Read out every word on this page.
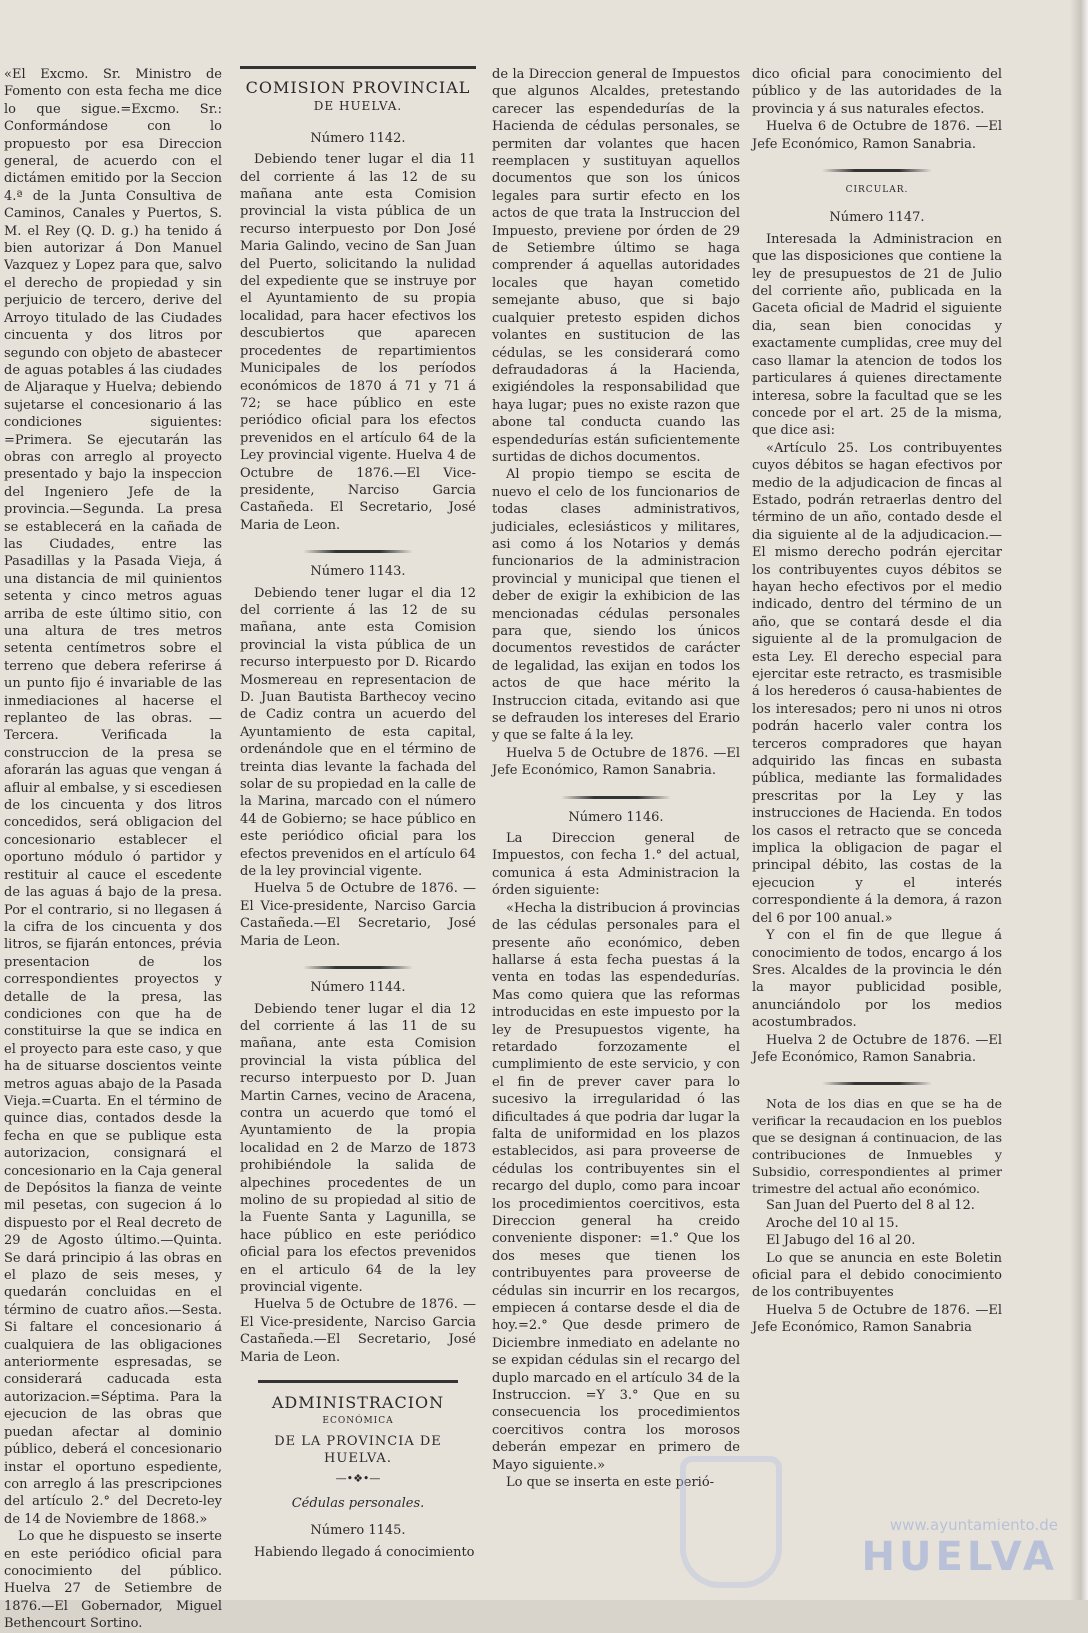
«El Excmo. Sr. Ministro de Fomento con esta fecha me dice lo que sigue.=Excmo. Sr.: Conformándose con lo propuesto por esa Direccion general, de acuerdo con el dictámen emitido por la Seccion 4.ª de la Junta Consultiva de Caminos, Canales y Puertos, S. M. el Rey (Q. D. g.) ha tenido á bien autorizar á Don Manuel Vazquez y Lopez para que, salvo el derecho de propiedad y sin perjuicio de tercero, derive del Arroyo titulado de las Ciudades cincuenta y dos litros por segundo con objeto de abastecer de aguas potables á las ciudades de Aljaraque y Huelva; debiendo sujetarse el concesionario á las condiciones siguientes: =Primera. Se ejecutarán las obras con arreglo al proyecto presentado y bajo la inspeccion del Ingeniero Jefe de la provincia.—Segunda. La presa se establecerá en la cañada de las Ciudades, entre las Pasadillas y la Pasada Vieja, á una distancia de mil quinientos setenta y cinco metros aguas arriba de este último sitio, con una altura de tres metros setenta centímetros sobre el terreno que debera referirse á un punto fijo é invariable de las inmediaciones al hacerse el replanteo de las obras. — Tercera. Verificada la construccion de la presa se aforarán las aguas que vengan á afluir al embalse, y si escediesen de los cincuenta y dos litros concedidos, será obligacion del concesionario establecer el oportuno módulo ó partidor y restituir al cauce el escedente de las aguas á bajo de la presa. Por el contrario, si no llegasen á la cifra de los cincuenta y dos litros, se fijarán entonces, prévia presentacion de los correspondientes proyectos y detalle de la presa, las condiciones con que ha de constituirse la que se indica en el proyecto para este caso, y que ha de situarse doscientos veinte metros aguas abajo de la Pasada Vieja.=Cuarta. En el término de quince dias, contados desde la fecha en que se publique esta autorizacion, consignará el concesionario en la Caja general de Depósitos la fianza de veinte mil pesetas, con sugecion á lo dispuesto por el Real decreto de 29 de Agosto último.—Quinta. Se dará principio á las obras en el plazo de seis meses, y quedarán concluidas en el término de cuatro años.—Sesta. Si faltare el concesionario á cualquiera de las obligaciones anteriormente espresadas, se considerará caducada esta autorizacion.=Séptima. Para la ejecucion de las obras que puedan afectar al dominio público, deberá el concesionario instar el oportuno espediente, con arreglo á las prescripciones del artículo 2.° del Decreto-ley de 14 de Noviembre de 1868.»

Lo que he dispuesto se inserte en este periódico oficial para conocimiento del público. Huelva 27 de Setiembre de 1876.—El Gobernador, Miguel Bethencourt Sortino.

COMISION PROVINCIAL
DE HUELVA.
Número 1142.

Debiendo tener lugar el dia 11 del corriente á las 12 de su mañana ante esta Comision provincial la vista pública de un recurso interpuesto por Don José Maria Galindo, vecino de San Juan del Puerto, solicitando la nulidad del expediente que se instruye por el Ayuntamiento de su propia localidad, para hacer efectivos los descubiertos que aparecen procedentes de repartimientos Municipales de los períodos económicos de 1870 á 71 y 71 á 72; se hace público en este periódico oficial para los efectos prevenidos en el artículo 64 de la Ley provincial vigente. Huelva 4 de Octubre de 1876.—El Vice-presidente, Narciso Garcia Castañeda. El Secretario, José Maria de Leon.

Número 1143.

Debiendo tener lugar el dia 12 del corriente á las 12 de su mañana, ante esta Comision provincial la vista pública de un recurso interpuesto por D. Ricardo Mosmereau en representacion de D. Juan Bautista Barthecoy vecino de Cadiz contra un acuerdo del Ayuntamiento de esta capital, ordenándole que en el término de treinta dias levante la fachada del solar de su propiedad en la calle de la Marina, marcado con el número 44 de Gobierno; se hace público en este periódico oficial para los efectos prevenidos en el artículo 64 de la ley provincial vigente.

Huelva 5 de Octubre de 1876. —El Vice-presidente, Narciso Garcia Castañeda.—El Secretario, José Maria de Leon.

Número 1144.

Debiendo tener lugar el dia 12 del corriente á las 11 de su mañana, ante esta Comision provincial la vista pública del recurso interpuesto por D. Juan Martin Carnes, vecino de Aracena, contra un acuerdo que tomó el Ayuntamiento de la propia localidad en 2 de Marzo de 1873 prohibiéndole la salida de alpechines procedentes de un molino de su propiedad al sitio de la Fuente Santa y Lagunilla, se hace público en este periódico oficial para los efectos prevenidos en el articulo 64 de la ley provincial vigente.

Huelva 5 de Octubre de 1876. —El Vice-presidente, Narciso Garcia Castañeda.—El Secretario, José Maria de Leon.

ADMINISTRACION
ECONÓMICA
DE LA PROVINCIA DE HUELVA.
—•❖•—
Cédulas personales.
Número 1145.

Habiendo llegado á conocimiento

de la Direccion general de Impuestos que algunos Alcaldes, pretestando carecer las espendedurías de la Hacienda de cédulas personales, se permiten dar volantes que hacen reemplacen y sustituyan aquellos documentos que son los únicos legales para surtir efecto en los actos de que trata la Instruccion del Impuesto, previene por órden de 29 de Setiembre último se haga comprender á aquellas autoridades locales que hayan cometido semejante abuso, que si bajo cualquier pretesto espiden dichos volantes en sustitucion de las cédulas, se les considerará como defraudadoras á la Hacienda, exigiéndoles la responsabilidad que haya lugar; pues no existe razon que abone tal conducta cuando las espendedurías están suficientemente surtidas de dichos documentos.

Al propio tiempo se escita de nuevo el celo de los funcionarios de todas clases administrativos, judiciales, eclesiásticos y militares, asi como á los Notarios y demás funcionarios de la administracion provincial y municipal que tienen el deber de exigir la exhibicion de las mencionadas cédulas personales para que, siendo los únicos documentos revestidos de carácter de legalidad, las exijan en todos los actos de que hace mérito la Instruccion citada, evitando asi que se defrauden los intereses del Erario y que se falte á la ley.

Huelva 5 de Octubre de 1876. —El Jefe Económico, Ramon Sanabria.

Número 1146.

La Direccion general de Impuestos, con fecha 1.° del actual, comunica á esta Administracion la órden siguiente:

«Hecha la distribucion á provincias de las cédulas personales para el presente año económico, deben hallarse á esta fecha puestas á la venta en todas las espendedurías. Mas como quiera que las reformas introducidas en este impuesto por la ley de Presupuestos vigente, ha retardado forzozamente el cumplimiento de este servicio, y con el fin de prever caver para lo sucesivo la irregularidad ó las dificultades á que podria dar lugar la falta de uniformidad en los plazos establecidos, asi para proveerse de cédulas los contribuyentes sin el recargo del duplo, como para incoar los procedimientos coercitivos, esta Direccion general ha creido conveniente disponer: =1.° Que los dos meses que tienen los contribuyentes para proveerse de cédulas sin incurrir en los recargos, empiecen á contarse desde el dia de hoy.=2.° Que desde primero de Diciembre inmediato en adelante no se expidan cédulas sin el recargo del duplo marcado en el artículo 34 de la Instruccion. =Y 3.° Que en su consecuencia los procedimientos coercitivos contra los morosos deberán empezar en primero de Mayo siguiente.»

Lo que se inserta en este perió-

dico oficial para conocimiento del público y de las autoridades de la provincia y á sus naturales efectos.

Huelva 6 de Octubre de 1876. —El Jefe Económico, Ramon Sanabria.

CIRCULAR.
Número 1147.

Interesada la Administracion en que las disposiciones que contiene la ley de presupuestos de 21 de Julio del corriente año, publicada en la Gaceta oficial de Madrid el siguiente dia, sean bien conocidas y exactamente cumplidas, cree muy del caso llamar la atencion de todos los particulares á quienes directamente interesa, sobre la facultad que se les concede por el art. 25 de la misma, que dice asi:

«Artículo 25. Los contribuyentes cuyos débitos se hagan efectivos por medio de la adjudicacion de fincas al Estado, podrán retraerlas dentro del término de un año, contado desde el dia siguiente al de la adjudicacion.—El mismo derecho podrán ejercitar los contribuyentes cuyos débitos se hayan hecho efectivos por el medio indicado, dentro del término de un año, que se contará desde el dia siguiente al de la promulgacion de esta Ley. El derecho especial para ejercitar este retracto, es trasmisible á los herederos ó causa-habientes de los interesados; pero ni unos ni otros podrán hacerlo valer contra los terceros compradores que hayan adquirido las fincas en subasta pública, mediante las formalidades prescritas por la Ley y las instrucciones de Hacienda. En todos los casos el retracto que se conceda implica la obligacion de pagar el principal débito, las costas de la ejecucion y el interés correspondiente á la demora, á razon del 6 por 100 anual.»

Y con el fin de que llegue á conocimiento de todos, encargo á los Sres. Alcaldes de la provincia le dén la mayor publicidad posible, anunciándolo por los medios acostumbrados.

Huelva 2 de Octubre de 1876. —El Jefe Económico, Ramon Sanabria.

Nota de los dias en que se ha de verificar la recaudacion en los pueblos que se designan á continuacion, de las contribuciones de Inmuebles y Subsidio, correspondientes al primer trimestre del actual año económico.

San Juan del Puerto del 8 al 12.

Aroche del 10 al 15.

El Jabugo del 16 al 20.

Lo que se anuncia en este Boletin oficial para el debido conocimiento de los contribuyentes

Huelva 5 de Octubre de 1876. —El Jefe Económico, Ramon Sanabria

www.ayuntamiento.de
HUELVA
